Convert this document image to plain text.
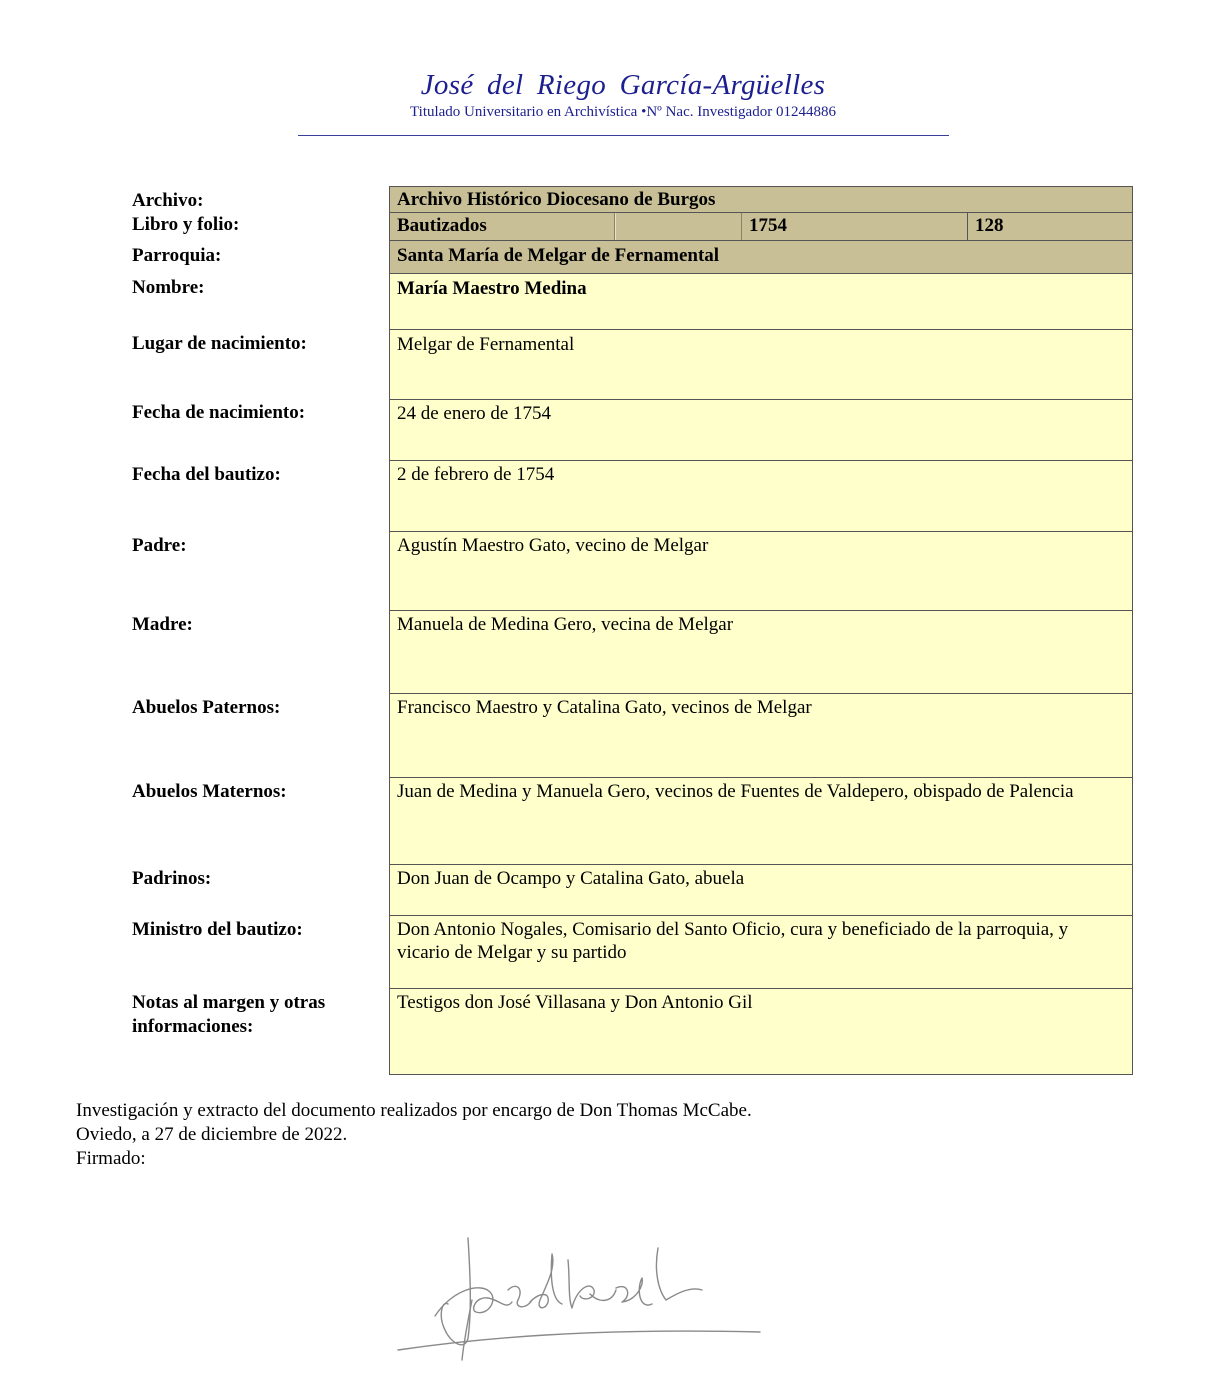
José del Riego García-Argüelles
Titulado Universitario en Archivística •Nº Nac. Investigador 01244886
Archivo:	Archivo Histórico Diocesano de Burgos
Libro y folio:	Bautizados	1754	128
Parroquia:	Santa María de Melgar de Fernamental
Nombre:	María Maestro Medina
Lugar de nacimiento:	Melgar de Fernamental
Fecha de nacimiento:	24 de enero de 1754
Fecha del bautizo:	2 de febrero de 1754
Padre:	Agustín Maestro Gato, vecino de Melgar
Madre:	Manuela de Medina Gero, vecina de Melgar
Abuelos Paternos:	Francisco Maestro y Catalina Gato, vecinos de Melgar
Abuelos Maternos:	Juan de Medina y Manuela Gero, vecinos de Fuentes de Valdepero, obispado de Palencia
Padrinos:	Don Juan de Ocampo y Catalina Gato, abuela
Ministro del bautizo:	Don Antonio Nogales, Comisario del Santo Oficio, cura y beneficiado de la parroquia, y vicario de Melgar y su partido
Notas al margen y otras informaciones:
Testigos don José Villasana y Don Antonio Gil
Investigación y extracto del documento realizados por encargo de Don Thomas McCabe.
Oviedo, a 27 de diciembre de 2022.
Firmado:
